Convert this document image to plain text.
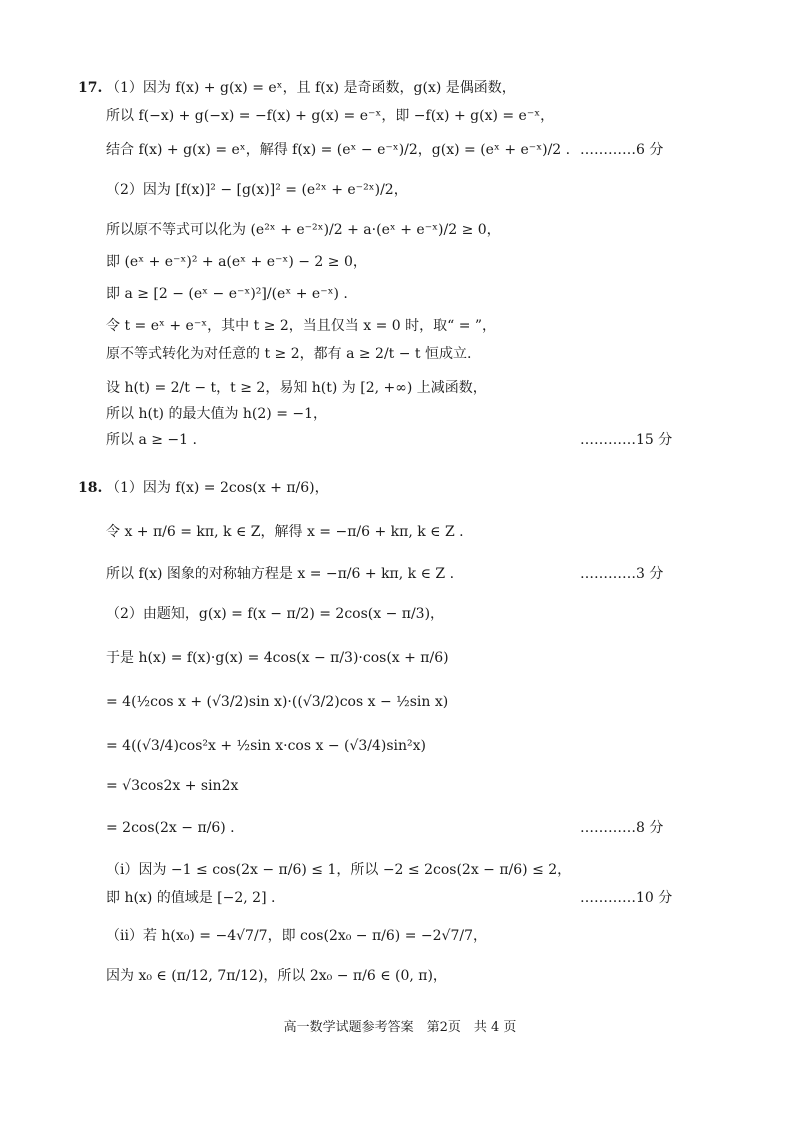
17. （1）因为 f(x) + g(x) = eˣ，且 f(x) 是奇函数，g(x) 是偶函数，
所以 f(−x) + g(−x) = −f(x) + g(x) = e⁻ˣ，即 −f(x) + g(x) = e⁻ˣ，
结合 f(x) + g(x) = eˣ，解得 f(x) = (eˣ − e⁻ˣ)/2，g(x) = (eˣ + e⁻ˣ)/2 . …………6 分
（2）因为 [f(x)]² − [g(x)]² = (e²ˣ + e⁻²ˣ)/2，
所以原不等式可以化为 (e²ˣ + e⁻²ˣ)/2 + a·(eˣ + e⁻ˣ)/2 ≥ 0，
即 (eˣ + e⁻ˣ)² + a(eˣ + e⁻ˣ) − 2 ≥ 0，
即 a ≥ [2 − (eˣ − e⁻ˣ)²]/(eˣ + e⁻ˣ) .
令 t = eˣ + e⁻ˣ，其中 t ≥ 2，当且仅当 x = 0 时，取“ = ”，
原不等式转化为对任意的 t ≥ 2，都有 a ≥ 2/t − t 恒成立.
设 h(t) = 2/t − t，t ≥ 2，易知 h(t) 为 [2, +∞) 上减函数，
所以 h(t) 的最大值为 h(2) = −1，
所以 a ≥ −1 .	…………15 分
18. （1）因为 f(x) = 2cos(x + π/6)，
令 x + π/6 = kπ, k ∈ Z，解得 x = −π/6 + kπ, k ∈ Z .
所以 f(x) 图象的对称轴方程是 x = −π/6 + kπ, k ∈ Z .	…………3 分
（2）由题知，g(x) = f(x − π/2) = 2cos(x − π/3)，
于是 h(x) = f(x)·g(x) = 4cos(x − π/3)·cos(x + π/6)
= 4(½cos x + (√3/2)sin x)·((√3/2)cos x − ½sin x)
= 4((√3/4)cos²x + ½sin x·cos x − (√3/4)sin²x)
= √3cos2x + sin2x
= 2cos(2x − π/6) .	…………8 分
（i）因为 −1 ≤ cos(2x − π/6) ≤ 1，所以 −2 ≤ 2cos(2x − π/6) ≤ 2，
即 h(x) 的值域是 [−2, 2] .	…………10 分
（ii）若 h(x₀) = −4√7/7，即 cos(2x₀ − π/6) = −2√7/7，
因为 x₀ ∈ (π/12, 7π/12)，所以 2x₀ − π/6 ∈ (0, π)，
高一数学试题参考答案　第2页　共 4 页
